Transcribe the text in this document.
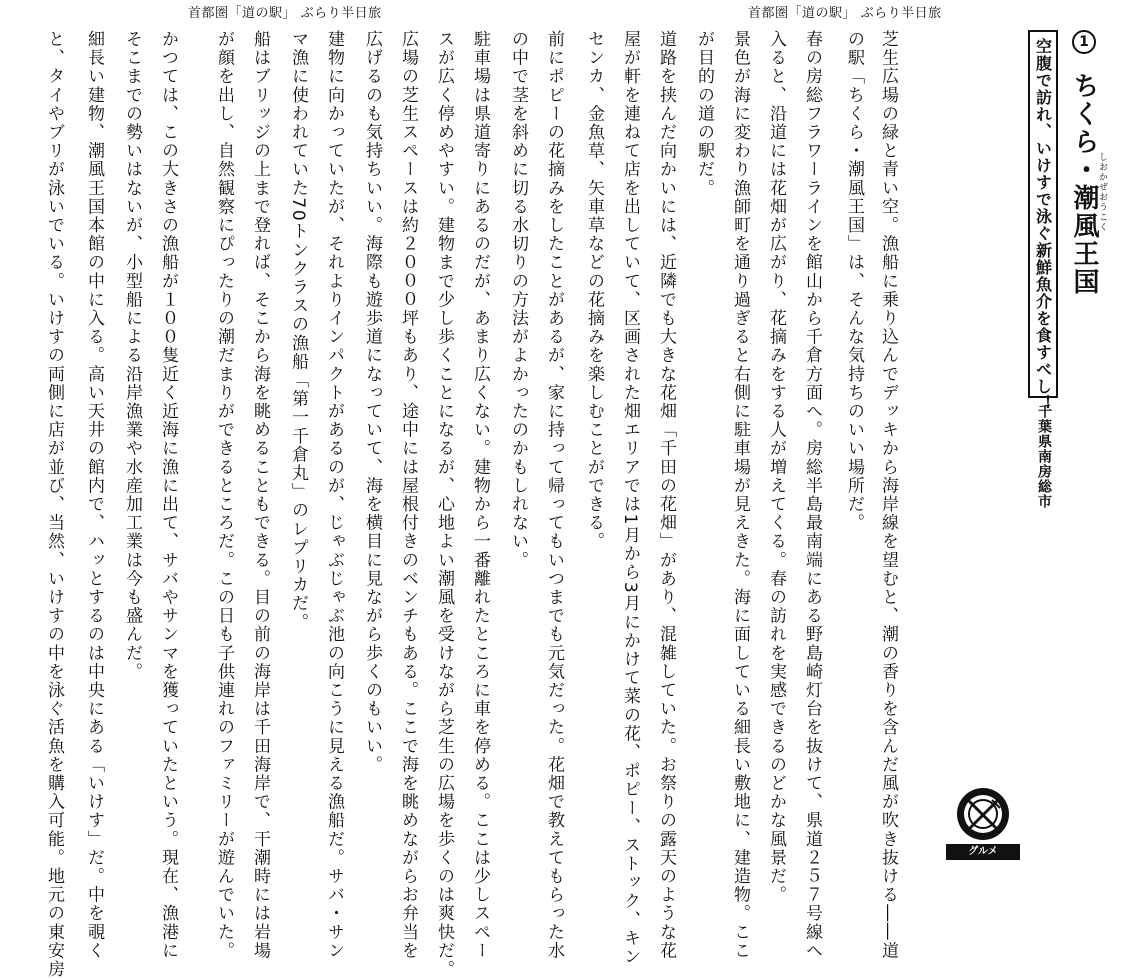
首都圏「道の駅」 ぶらり半日旅	首都圏「道の駅」 ぶらり半日旅
1
ちくら・潮風王国
しおかぜおうこく
空腹で訪れ、いけすで泳ぐ新鮮魚介を食すべし！
千葉県南房総市
芝生広場の緑と青い空。漁船に乗り込んでデッキから海岸線を望むと、潮の香りを含んだ風が吹き抜ける――道
の駅「ちくら・潮風王国」は、そんな気持ちのいい場所だ。
春の房総フラワーラインを館山から千倉方面へ。房総半島最南端にある野島崎灯台を抜けて、県道２５７号線へ
入ると、沿道には花畑が広がり、花摘みをする人が増えてくる。春の訪れを実感できるのどかな風景だ。
景色が海に変わり漁師町を通り過ぎると右側に駐車場が見えきた。海に面している細長い敷地に、建造物。ここ
が目的の道の駅だ。
道路を挟んだ向かいには、近隣でも大きな花畑「千田の花畑」があり、混雑していた。お祭りの露天のような花
屋が軒を連ねて店を出していて、区画された畑エリアでは1月から3月にかけて菜の花、ポピー、ストック、キン
センカ、金魚草、矢車草などの花摘みを楽しむことができる。
前にポピーの花摘みをしたことがあるが、家に持って帰ってもいつまでも元気だった。花畑で教えてもらった水
の中で茎を斜めに切る水切りの方法がよかったのかもしれない。
駐車場は県道寄りにあるのだが、あまり広くない。建物から一番離れたところに車を停める。ここは少しスペー
スが広く停めやすい。建物まで少し歩くことになるが、心地よい潮風を受けながら芝生の広場を歩くのは爽快だ。
広場の芝生スペースは約２０００坪もあり、途中には屋根付きのベンチもある。ここで海を眺めながらお弁当を
広げるのも気持ちいい。海際も遊歩道になっていて、海を横目に見ながら歩くのもいい。
建物に向かっていたが、それよりインパクトがあるのが、じゃぶじゃぶ池の向こうに見える漁船だ。サバ・サン
マ漁に使われていた70トンクラスの漁船「第一千倉丸」のレプリカだ。
船はブリッジの上まで登れば、そこから海を眺めることもできる。目の前の海岸は千田海岸で、干潮時には岩場
が顔を出し、自然観察にぴったりの潮だまりができるところだ。この日も子供連れのファミリーが遊んでいた。
かつては、この大きさの漁船が１００隻近く近海に漁に出て、サバやサンマを獲っていたという。現在、漁港に
そこまでの勢いはないが、小型船による沿岸漁業や水産加工業は今も盛んだ。
細長い建物、潮風王国本館の中に入る。高い天井の館内で、ハッとするのは中央にある「いけす」だ。中を覗く
と、タイやブリが泳いでいる。いけすの両側に店が並び、当然、いけすの中を泳ぐ活魚を購入可能。地元の東安房	グルメ
